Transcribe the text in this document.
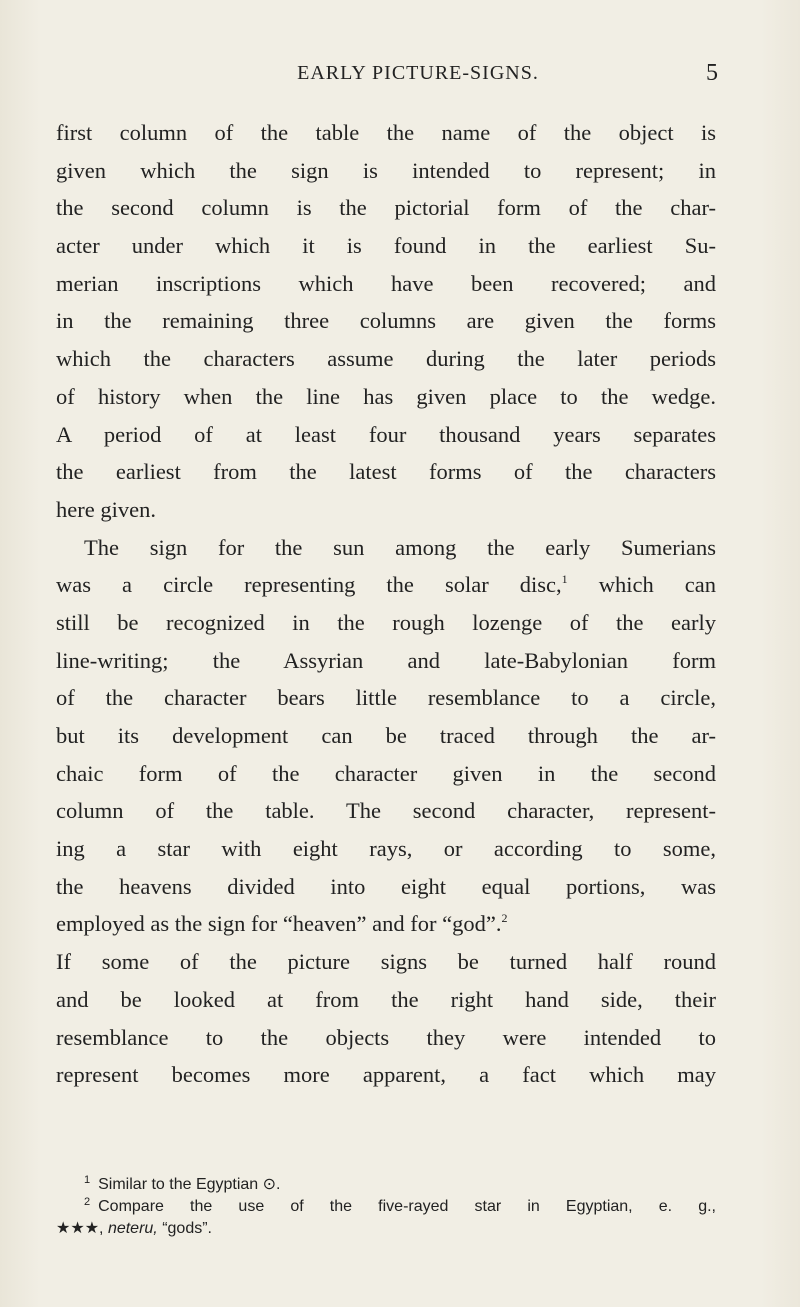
EARLY PICTURE-SIGNS.	5
first column of the table the name of the object is
given which the sign is intended to represent; in
the second column is the pictorial form of the char-
acter under which it is found in the earliest Su-
merian inscriptions which have been recovered; and
in the remaining three columns are given the forms
which the characters assume during the later periods
of history when the line has given place to the wedge.
A period of at least four thousand years separates
the earliest from the latest forms of the characters
here given.
The sign for the sun among the early Sumerians
was a circle representing the solar disc,$^1$ which can
still be recognized in the rough lozenge of the early
line-writing; the Assyrian and late-Babylonian form
of the character bears little resemblance to a circle,
but its development can be traced through the ar-
chaic form of the character given in the second
column of the table. The second character, represent-
ing a star with eight rays, or according to some,
the heavens divided into eight equal portions, was
employed as the sign for “heaven” and for “god”.$^2$
If some of the picture signs be turned half round
and be looked at from the right hand side, their
resemblance to the objects they were intended to
represent becomes more apparent, a fact which may
$^1$ Similar to the Egyptian ⊙.
$^2$ Compare the use of the five-rayed star in Egyptian, e. g.,
★★★, neteru, “gods”.
